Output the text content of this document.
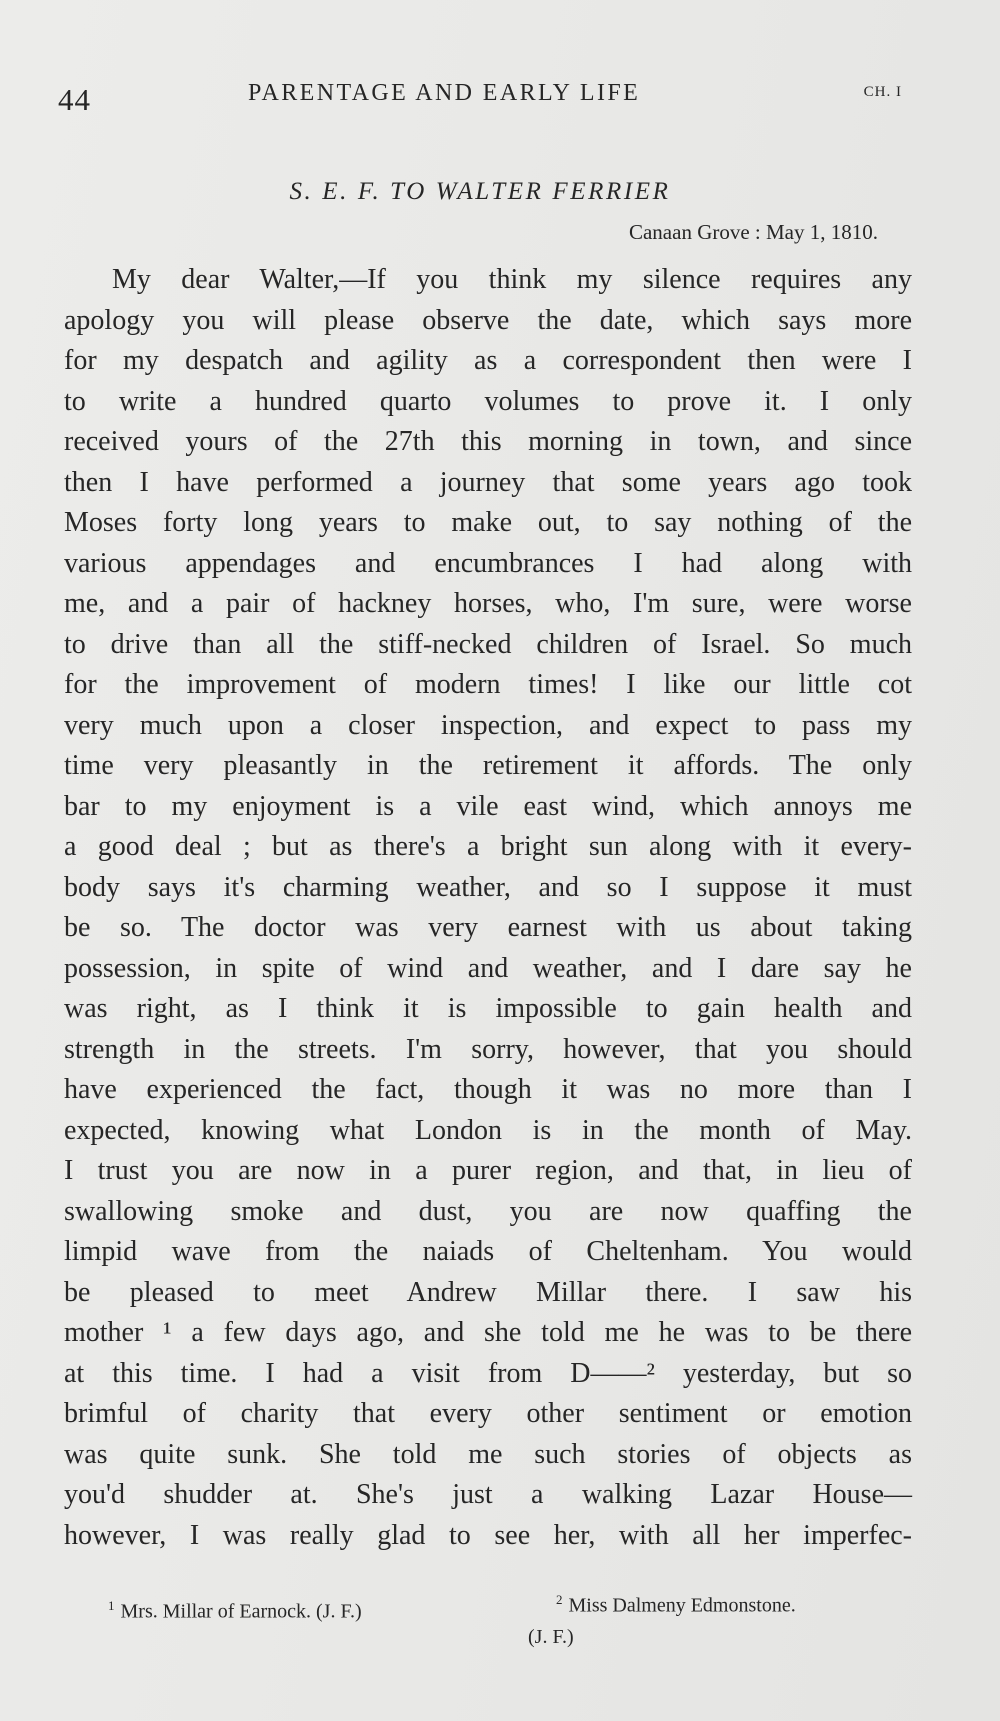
44	PARENTAGE AND EARLY LIFE	CH. I
S. E. F. TO WALTER FERRIER
Canaan Grove : May 1, 1810.
My dear Walter,—If you think my silence requires any
apology you will please observe the date, which says more
for my despatch and agility as a correspondent then were I
to write a hundred quarto volumes to prove it. I only
received yours of the 27th this morning in town, and since
then I have performed a journey that some years ago took
Moses forty long years to make out, to say nothing of the
various appendages and encumbrances I had along with
me, and a pair of hackney horses, who, I'm sure, were worse
to drive than all the stiff-necked children of Israel. So much
for the improvement of modern times! I like our little cot
very much upon a closer inspection, and expect to pass my
time very pleasantly in the retirement it affords. The only
bar to my enjoyment is a vile east wind, which annoys me
a good deal ; but as there's a bright sun along with it every-
body says it's charming weather, and so I suppose it must
be so. The doctor was very earnest with us about taking
possession, in spite of wind and weather, and I dare say he
was right, as I think it is impossible to gain health and
strength in the streets. I'm sorry, however, that you should
have experienced the fact, though it was no more than I
expected, knowing what London is in the month of May.
I trust you are now in a purer region, and that, in lieu of
swallowing smoke and dust, you are now quaffing the
limpid wave from the naiads of Cheltenham. You would
be pleased to meet Andrew Millar there. I saw his
mother ¹ a few days ago, and she told me he was to be there
at this time. I had a visit from D——² yesterday, but so
brimful of charity that every other sentiment or emotion
was quite sunk. She told me such stories of objects as
you'd shudder at. She's just a walking Lazar House—
however, I was really glad to see her, with all her imperfec-
$^1$ Mrs. Millar of Earnock. (J. F.)
$^2$ Miss Dalmeny Edmonstone.
(J. F.)
